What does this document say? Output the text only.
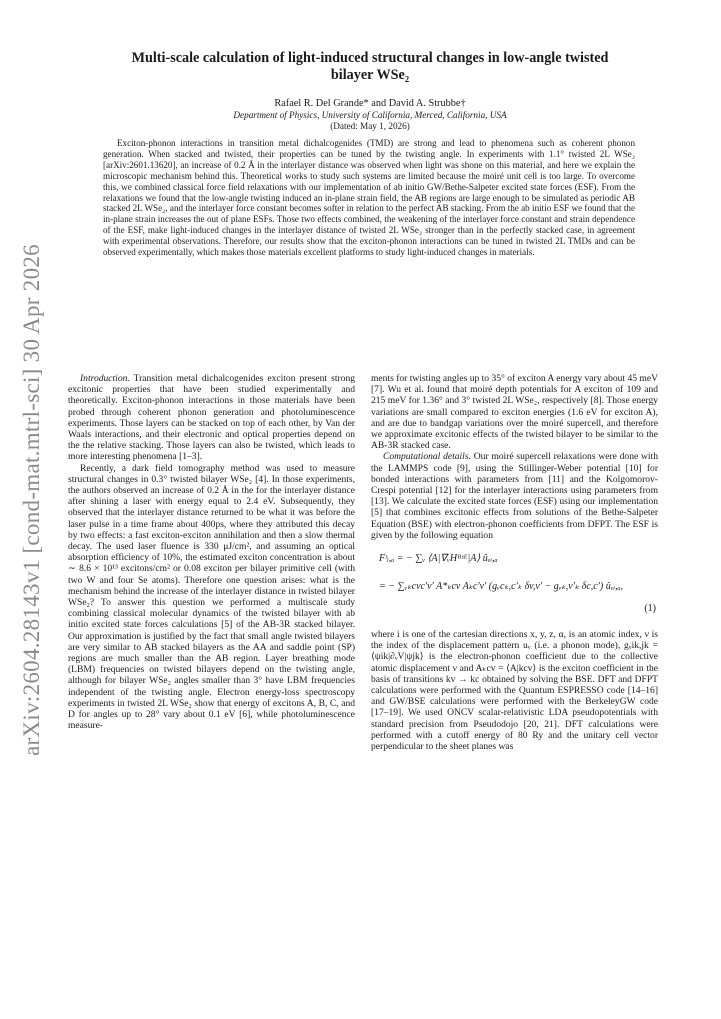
arXiv:2604.28143v1 [cond-mat.mtrl-sci] 30 Apr 2026
Multi-scale calculation of light-induced structural changes in low-angle twisted
bilayer WSe₂
Rafael R. Del Grande* and David A. Strubbe†
Department of Physics, University of California, Merced, California, USA
(Dated: May 1, 2026)

Exciton-phonon interactions in transition metal dichalcogenides (TMD) are strong and lead to phenomena such as coherent phonon generation. When stacked and twisted, their properties can be tuned by the twisting angle. In experiments with 1.1° twisted 2L WSe₂ [arXiv:2601.13620], an increase of 0.2 Å in the interlayer distance was observed when light was shone on this material, and here we explain the microscopic mechanism behind this. Theoretical works to study such systems are limited because the moiré unit cell is too large. To overcome this, we combined classical force field relaxations with our implementation of ab initio GW/Bethe-Salpeter excited state forces (ESF). From the relaxations we found that the low-angle twisting induced an in-plane strain field, the AB regions are large enough to be simulated as periodic AB stacked 2L WSe₂, and the interlayer force constant becomes softer in relation to the perfect AB stacking. From the ab initio ESF we found that the in-plane strain increases the out of plane ESFs. Those two effects combined, the weakening of the interlayer force constant and strain dependence of the ESF, make light-induced changes in the interlayer distance of twisted 2L WSe₂ stronger than in the perfectly stacked case, in agreement with experimental observations. Therefore, our results show that the exciton-phonon interactions can be tuned in twisted 2L TMDs and can be observed experimentally, which makes those materials excellent platforms to study light-induced changes in materials.

Introduction. Transition metal dichalcogenides exciton present strong excitonic properties that have been studied experimentally and theoretically. Exciton-phonon interactions in those materials have been probed through coherent phonon generation and photoluminescence experiments. Those layers can be stacked on top of each other, by Van der Waals interactions, and their electronic and optical properties depend on the the relative stacking. Those layers can also be twisted, which leads to more interesting phenomena [1–3].

Recently, a dark field tomography method was used to measure structural changes in 0.3° twisted bilayer WSe₂ [4]. In those experiments, the authors observed an increase of 0.2 Å in the for the interlayer distance after shining a laser with energy equal to 2.4 eV. Subsequently, they observed that the interlayer distance returned to be what it was before the laser pulse in a time frame about 400ps, where they attributed this decay by two effects: a fast exciton-exciton annihilation and then a slow thermal decay. The used laser fluence is 330 μJ/cm², and assuming an optical absorption efficiency of 10%, the estimated exciton concentration is about ∼ 8.6 × 10¹³ excitons/cm² or 0.08 exciton per bilayer primitive cell (with two W and four Se atoms). Therefore one question arises: what is the mechanism behind the increase of the interlayer distance in twisted bilayer WSe₂? To answer this question we performed a multiscale study combining classical molecular dynamics of the twisted bilayer with ab initio excited state forces calculations [5] of the AB-3R stacked bilayer. Our approximation is justified by the fact that small angle twisted bilayers are very similar to AB stacked bilayers as the AA and saddle point (SP) regions are much smaller than the AB region. Layer breathing mode (LBM) frequencies on twisted bilayers depend on the twisting angle, although for bilayer WSe₂ angles smaller than 3° have LBM frequencies independent of the twisting angle. Electron energy-loss spectroscopy experiments in twisted 2L WSe₂ show that energy of excitons A, B, C, and D for angles up to 28° vary about 0.1 eV [6], while photoluminescence measure-

ments for twisting angles up to 35° of exciton A energy vary about 45 meV [7]. Wu et al. found that moiré depth potentials for A exciton of 109 and 215 meV for 1.36° and 3° twisted 2L WSe₂, respectively [8]. Those energy variations are small compared to exciton energies (1.6 eV for exciton A), and are due to bandgap variations over the moiré supercell, and therefore we approximate excitonic effects of the twisted bilayer to be similar to the AB-3R stacked case.

Computational details. Our moiré supercell relaxations were done with the LAMMPS code [9], using the Stillinger-Weber potential [10] for bonded interactions with parameters from [11] and the Kolgomorov-Crespi potential [12] for the interlayer interactions using parameters from [13]. We calculate the excited state forces (ESF) using our implementation [5] that combines excitonic effects from solutions of the Bethe-Salpeter Equation (BSE) with electron-phonon coefficients from DFPT. The ESF is given by the following equation

Fˢᵢ,ₐ = − ∑ᵥ ⟨A|∇ᵥHᴮˢᴱ|A⟩ ûᵥᵢ,ₐ
= − ∑ᵥₖcvc′v′ A*ₖcv Aₖc′v′ (gᵥcₖ,c′ₖ δv,v′ − gᵥₖ,v′ₖ δc,c′) ûᵥᵢ,ₐ,
(1)

where i is one of the cartesian directions x, y, z, α, is an atomic index, ν is the index of the displacement pattern uᵥ (i.e. a phonon mode), gᵥik,jk = ⟨ψik|∂ᵥV|ψjk⟩ is the electron-phonon coefficient due to the collective atomic displacement ν and Aₖcv = ⟨A|kcv⟩ is the exciton coefficient in the basis of transitions kv → kc obtained by solving the BSE. DFT and DFPT calculations were performed with the Quantum ESPRESSO code [14–16] and GW/BSE calculations were performed with the BerkeleyGW code [17–19]. We used ONCV scalar-relativistic LDA pseudopotentials with standard precision from Pseudodojo [20, 21]. DFT calculations were performed with a cutoff energy of 80 Ry and the unitary cell vector perpendicular to the sheet planes was
